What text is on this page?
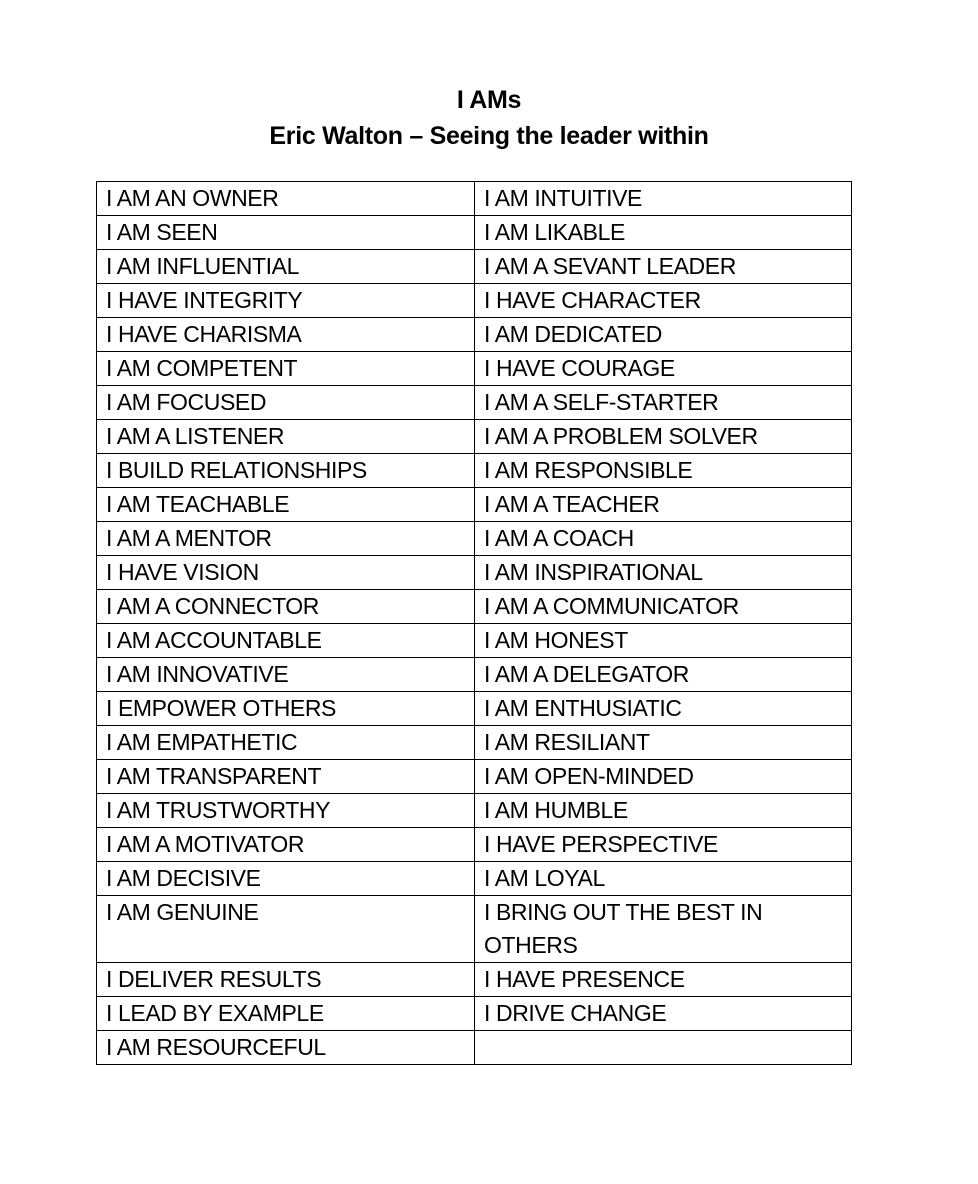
I AMs
Eric Walton – Seeing the leader within
I AM AN OWNER	I AM INTUITIVE
I AM SEEN	I AM LIKABLE
I AM INFLUENTIAL	I AM A SEVANT LEADER
I HAVE INTEGRITY	I HAVE CHARACTER
I HAVE CHARISMA	I AM DEDICATED
I AM COMPETENT	I HAVE COURAGE
I AM FOCUSED	I AM A SELF-STARTER
I AM A LISTENER	I AM A PROBLEM SOLVER
I BUILD RELATIONSHIPS	I AM RESPONSIBLE
I AM TEACHABLE	I AM A TEACHER
I AM A MENTOR	I AM A COACH
I HAVE VISION	I AM INSPIRATIONAL
I AM A CONNECTOR	I AM A COMMUNICATOR
I AM ACCOUNTABLE	I AM HONEST
I AM INNOVATIVE	I AM A DELEGATOR
I EMPOWER OTHERS	I AM ENTHUSIATIC
I AM EMPATHETIC	I AM RESILIANT
I AM TRANSPARENT	I AM OPEN-MINDED
I AM TRUSTWORTHY	I AM HUMBLE
I AM A MOTIVATOR	I HAVE PERSPECTIVE
I AM DECISIVE	I AM LOYAL
I AM GENUINE	I BRING OUT THE BEST IN OTHERS
I DELIVER RESULTS	I HAVE PRESENCE
I LEAD BY EXAMPLE	I DRIVE CHANGE
I AM RESOURCEFUL	
